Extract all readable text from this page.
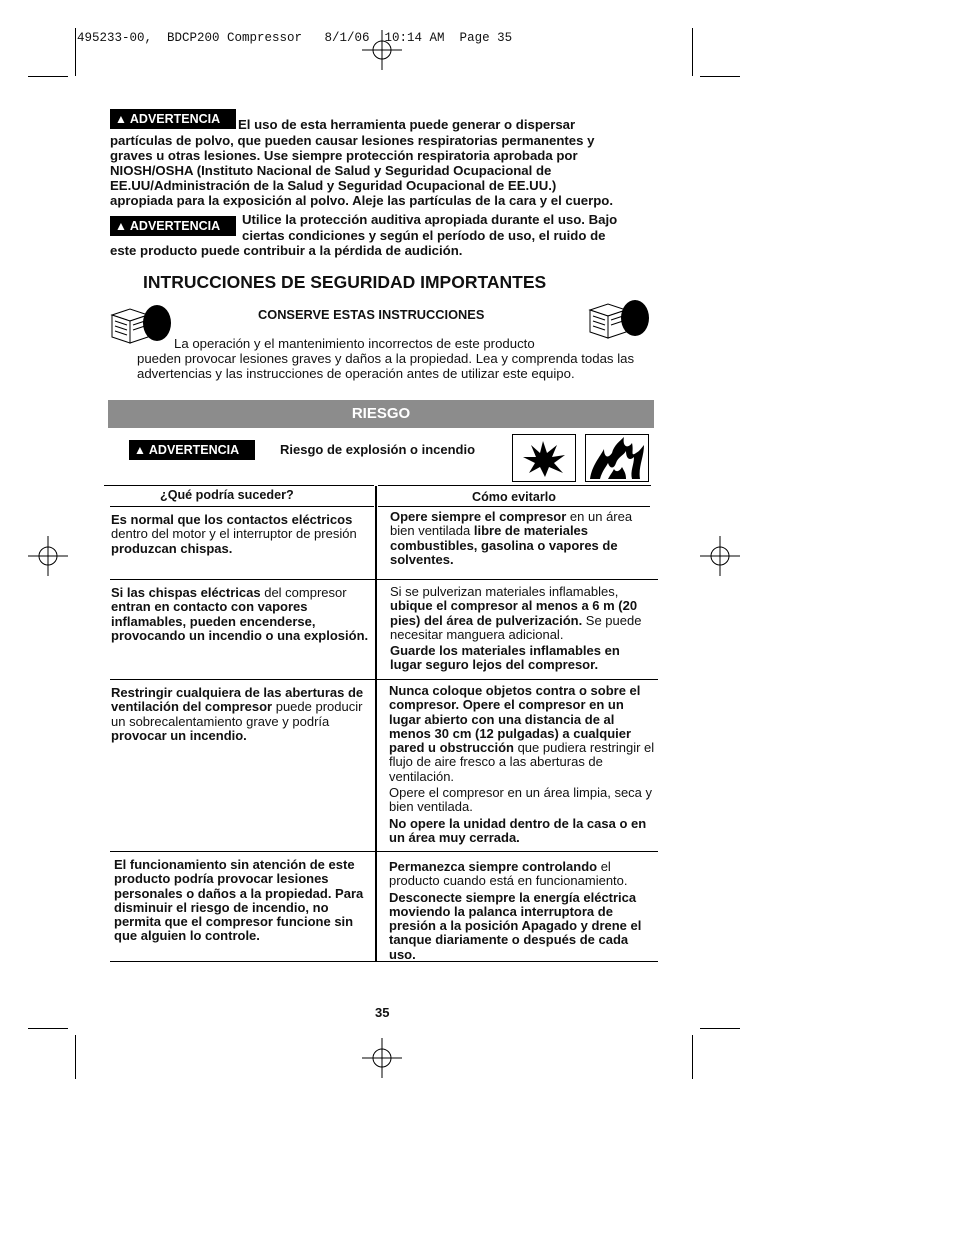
495233-00,  BDCP200 Compressor   8/1/06  10:14 AM  Page 35
▲ ADVERTENCIA El uso de esta herramienta puede generar o dispersar
partículas de polvo, que pueden causar lesiones respiratorias permanentes y
graves u otras lesiones. Use siempre protección respiratoria aprobada por
NIOSH/OSHA (Instituto Nacional de Salud y Seguridad Ocupacional de
EE.UU/Administración de la Salud y Seguridad Ocupacional de EE.UU.)
apropiada para la exposición al polvo. Aleje las partículas de la cara y el cuerpo.
▲ ADVERTENCIA Utilice la protección auditiva apropiada durante el uso. Bajo
ciertas condiciones y según el período de uso, el ruido de
este producto puede contribuir a la pérdida de audición.
INTRUCCIONES DE SEGURIDAD IMPORTANTES
CONSERVE ESTAS INSTRUCCIONES
La operación y el mantenimiento incorrectos de este producto
pueden provocar lesiones graves y daños a la propiedad. Lea y comprenda todas las
advertencias y las instrucciones de operación antes de utilizar este equipo.
RIESGO
▲ ADVERTENCIA	Riesgo de explosión o incendio
¿Qué podría suceder?	Cómo evitarlo

Es normal que los contactos eléctricos dentro del motor y el interruptor de presión produzcan chispas.

Opere siempre el compresor en un área bien ventilada libre de materiales combustibles, gasolina o vapores de solventes.

Si las chispas eléctricas del compresor entran en contacto con vapores inflamables, pueden encenderse, provocando un incendio o una explosión.

Si se pulverizan materiales inflamables, ubique el compresor al menos a 6 m (20 pies) del área de pulverización. Se puede necesitar manguera adicional.

Guarde los materiales inflamables en lugar seguro lejos del compresor.

Restringir cualquiera de las aberturas de ventilación del compresor puede producir un sobrecalentamiento grave y podría provocar un incendio.

Nunca coloque objetos contra o sobre el compresor. Opere el compresor en un lugar abierto con una distancia de al menos 30 cm (12 pulgadas) a cualquier pared u obstrucción que pudiera restringir el flujo de aire fresco a las aberturas de ventilación.

Opere el compresor en un área limpia, seca y bien ventilada.

No opere la unidad dentro de la casa o en un área muy cerrada.

El funcionamiento sin atención de este producto podría provocar lesiones personales o daños a la propiedad. Para disminuir el riesgo de incendio, no permita que el compresor funcione sin que alguien lo controle.

Permanezca siempre controlando el producto cuando está en funcionamiento.

Desconecte siempre la energía eléctrica moviendo la palanca interruptora de presión a la posición Apagado y drene el tanque diariamente o después de cada uso.

35
